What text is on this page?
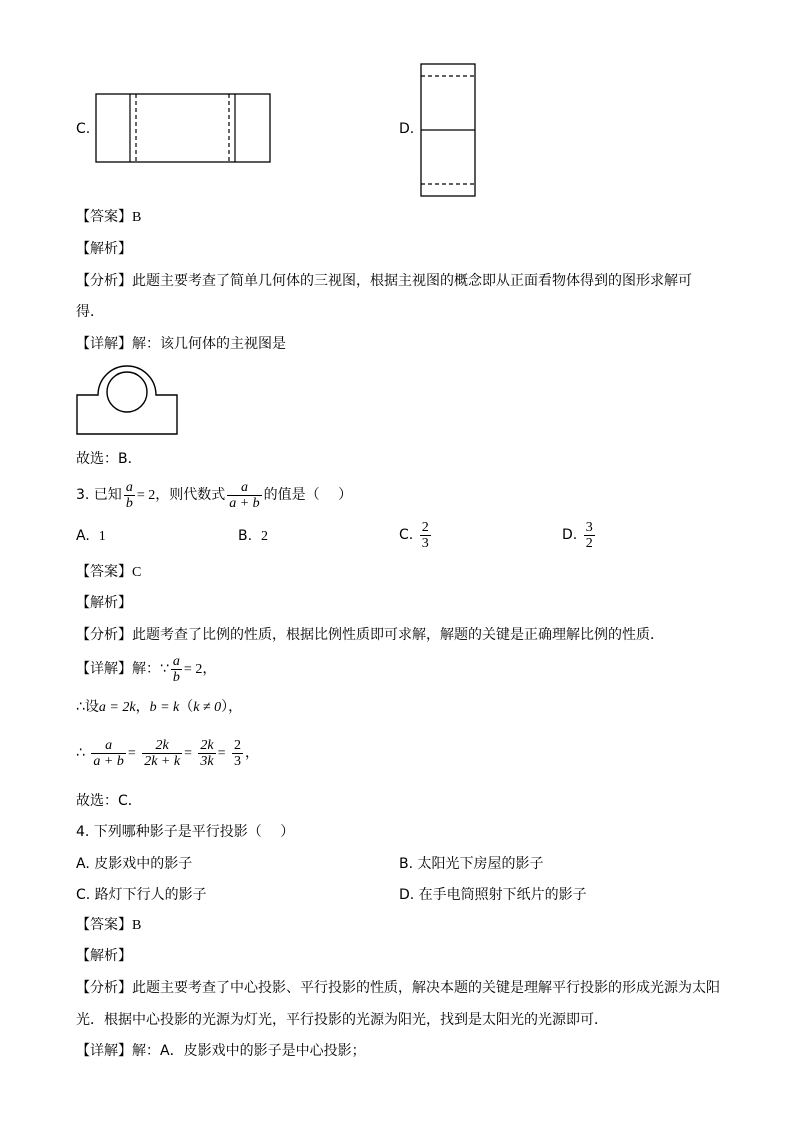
C.	D.
【答案】B
【解析】
【分析】此题主要考查了简单几何体的三视图，根据主视图的概念即从正面看物体得到的图形求解可
得．
【详解】解：该几何体的主视图是
故选：B．
3. 已知 $\frac{a}{b} = 2$，则代数式 $\frac{a}{a + b}$ 的值是（　 ）
A. 1	B. 2	C. $\frac{2}{3}$	D. $\frac{3}{2}$
【答案】C
【解析】
【分析】此题考查了比例的性质，根据比例性质即可求解，解题的关键是正确理解比例的性质．
【详解】解：∵ $\frac{a}{b} = 2$，
∴设a = 2k，b = k（k ≠ 0），
∴ $\frac{a}{a + b} = \frac{2k}{2k + k} = \frac{2k}{3k} = \frac{2}{3}$ ，
故选：C．
4. 下列哪种影子是平行投影（　 ）
A. 皮影戏中的影子	B. 太阳光下房屋的影子
C. 路灯下行人的影子	D. 在手电筒照射下纸片的影子
【答案】B
【解析】
【分析】此题主要考查了中心投影、平行投影的性质，解决本题的关键是理解平行投影的形成光源为太阳
光．根据中心投影的光源为灯光，平行投影的光源为阳光，找到是太阳光的光源即可．
【详解】解：A．皮影戏中的影子是中心投影；
